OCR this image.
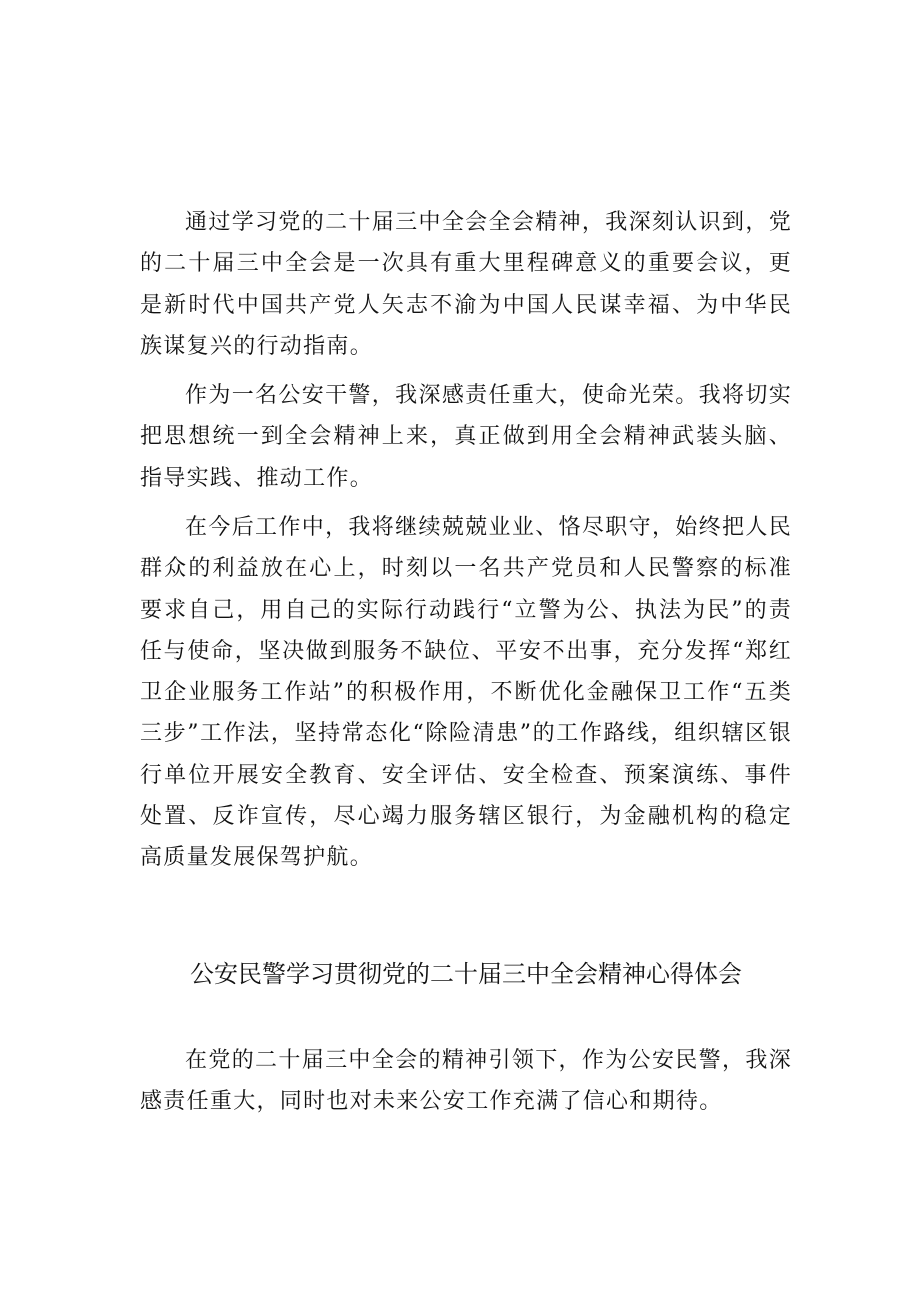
通过学习党的二十届三中全会全会精神，我深刻认识到，党的二十届三中全会是一次具有重大里程碑意义的重要会议，更是新时代中国共产党人矢志不渝为中国人民谋幸福、为中华民族谋复兴的行动指南。

作为一名公安干警，我深感责任重大，使命光荣。我将切实把思想统一到全会精神上来，真正做到用全会精神武装头脑、指导实践、推动工作。

在今后工作中，我将继续兢兢业业、恪尽职守，始终把人民群众的利益放在心上，时刻以一名共产党员和人民警察的标准要求自己，用自己的实际行动践行“立警为公、执法为民”的责任与使命，坚决做到服务不缺位、平安不出事，充分发挥“郑红卫企业服务工作站”的积极作用，不断优化金融保卫工作“五类三步”工作法，坚持常态化“除险清患”的工作路线，组织辖区银行单位开展安全教育、安全评估、安全检查、预案演练、事件处置、反诈宣传，尽心竭力服务辖区银行，为金融机构的稳定高质量发展保驾护航。

公安民警学习贯彻党的二十届三中全会精神心得体会

在党的二十届三中全会的精神引领下，作为公安民警，我深感责任重大，同时也对未来公安工作充满了信心和期待。
